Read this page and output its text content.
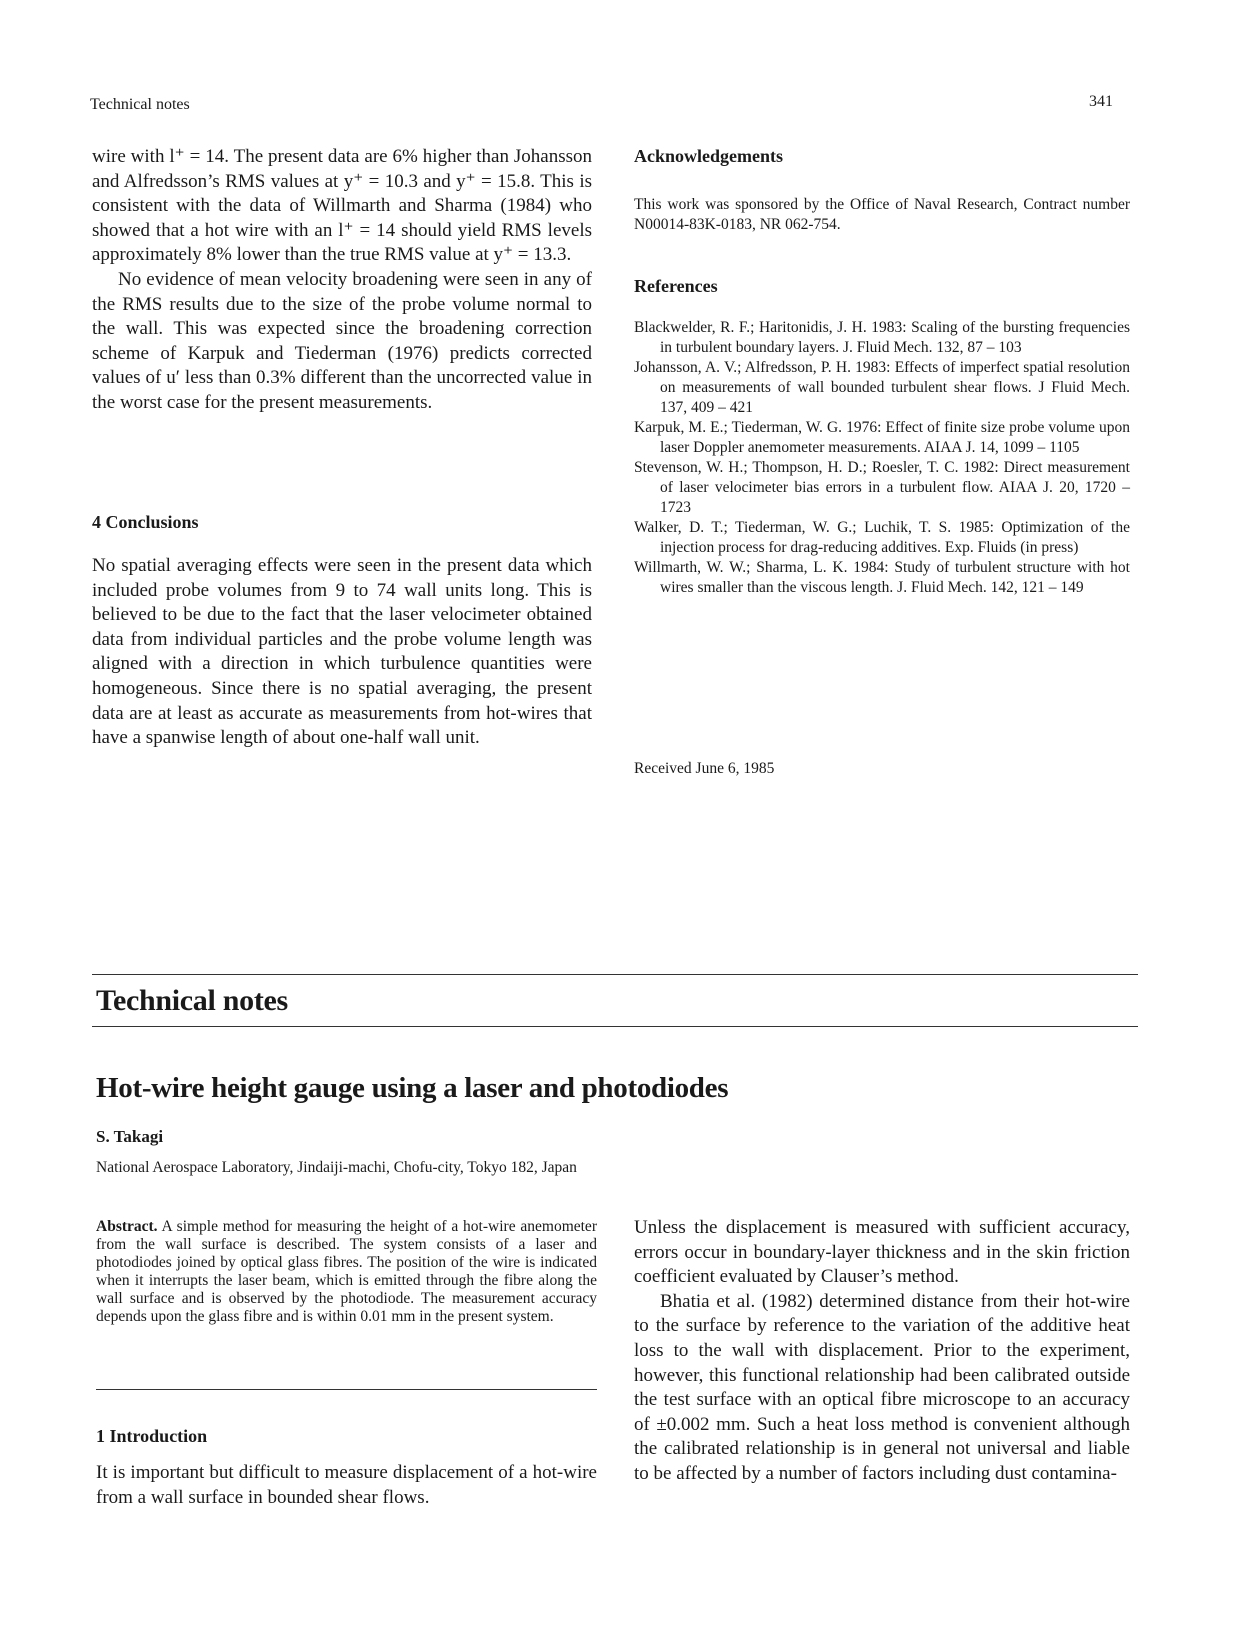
Technical notes	341

wire with l⁺ = 14. The present data are 6% higher than Johansson and Alfredsson’s RMS values at y⁺ = 10.3 and y⁺ = 15.8. This is consistent with the data of Willmarth and Sharma (1984) who showed that a hot wire with an l⁺ = 14 should yield RMS levels approximately 8% lower than the true RMS value at y⁺ = 13.3.

No evidence of mean velocity broadening were seen in any of the RMS results due to the size of the probe volume normal to the wall. This was expected since the broadening correction scheme of Karpuk and Tiederman (1976) predicts corrected values of u′ less than 0.3% different than the uncorrected value in the worst case for the present measurements.

4 Conclusions

No spatial averaging effects were seen in the present data which included probe volumes from 9 to 74 wall units long. This is believed to be due to the fact that the laser velocimeter obtained data from individual particles and the probe volume length was aligned with a direction in which turbulence quantities were homogeneous. Since there is no spatial averaging, the present data are at least as accurate as measurements from hot-wires that have a spanwise length of about one-half wall unit.

Acknowledgements
This work was sponsored by the Office of Naval Research, Contract number N00014-83K-0183, NR 062-754.
References

Blackwelder, R. F.; Haritonidis, J. H. 1983: Scaling of the bursting frequencies in turbulent boundary layers. J. Fluid Mech. 132, 87 – 103

Johansson, A. V.; Alfredsson, P. H. 1983: Effects of imperfect spatial resolution on measurements of wall bounded turbulent shear flows. J Fluid Mech. 137, 409 – 421

Karpuk, M. E.; Tiederman, W. G. 1976: Effect of finite size probe volume upon laser Doppler anemometer measurements. AIAA J. 14, 1099 – 1105

Stevenson, W. H.; Thompson, H. D.; Roesler, T. C. 1982: Direct measurement of laser velocimeter bias errors in a turbulent flow. AIAA J. 20, 1720 – 1723

Walker, D. T.; Tiederman, W. G.; Luchik, T. S. 1985: Optimization of the injection process for drag-reducing additives. Exp. Fluids (in press)

Willmarth, W. W.; Sharma, L. K. 1984: Study of turbulent structure with hot wires smaller than the viscous length. J. Fluid Mech. 142, 121 – 149

Received June 6, 1985
Technical notes
Hot-wire height gauge using a laser and photodiodes
S. Takagi
National Aerospace Laboratory, Jindaiji-machi, Chofu-city, Tokyo 182, Japan
Abstract. A simple method for measuring the height of a hot-wire anemometer from the wall surface is described. The system consists of a laser and photodiodes joined by optical glass fibres. The position of the wire is indicated when it interrupts the laser beam, which is emitted through the fibre along the wall surface and is observed by the photodiode. The measurement accuracy depends upon the glass fibre and is within 0.01 mm in the present system.
1 Introduction

It is important but difficult to measure displacement of a hot-wire from a wall surface in bounded shear flows.

Unless the displacement is measured with sufficient accuracy, errors occur in boundary-layer thickness and in the skin friction coefficient evaluated by Clauser’s method.

Bhatia et al. (1982) determined distance from their hot-wire to the surface by reference to the variation of the additive heat loss to the wall with displacement. Prior to the experiment, however, this functional relationship had been calibrated outside the test surface with an optical fibre microscope to an accuracy of ±0.002 mm. Such a heat loss method is convenient although the calibrated relationship is in general not universal and liable to be affected by a number of factors including dust contamina-
